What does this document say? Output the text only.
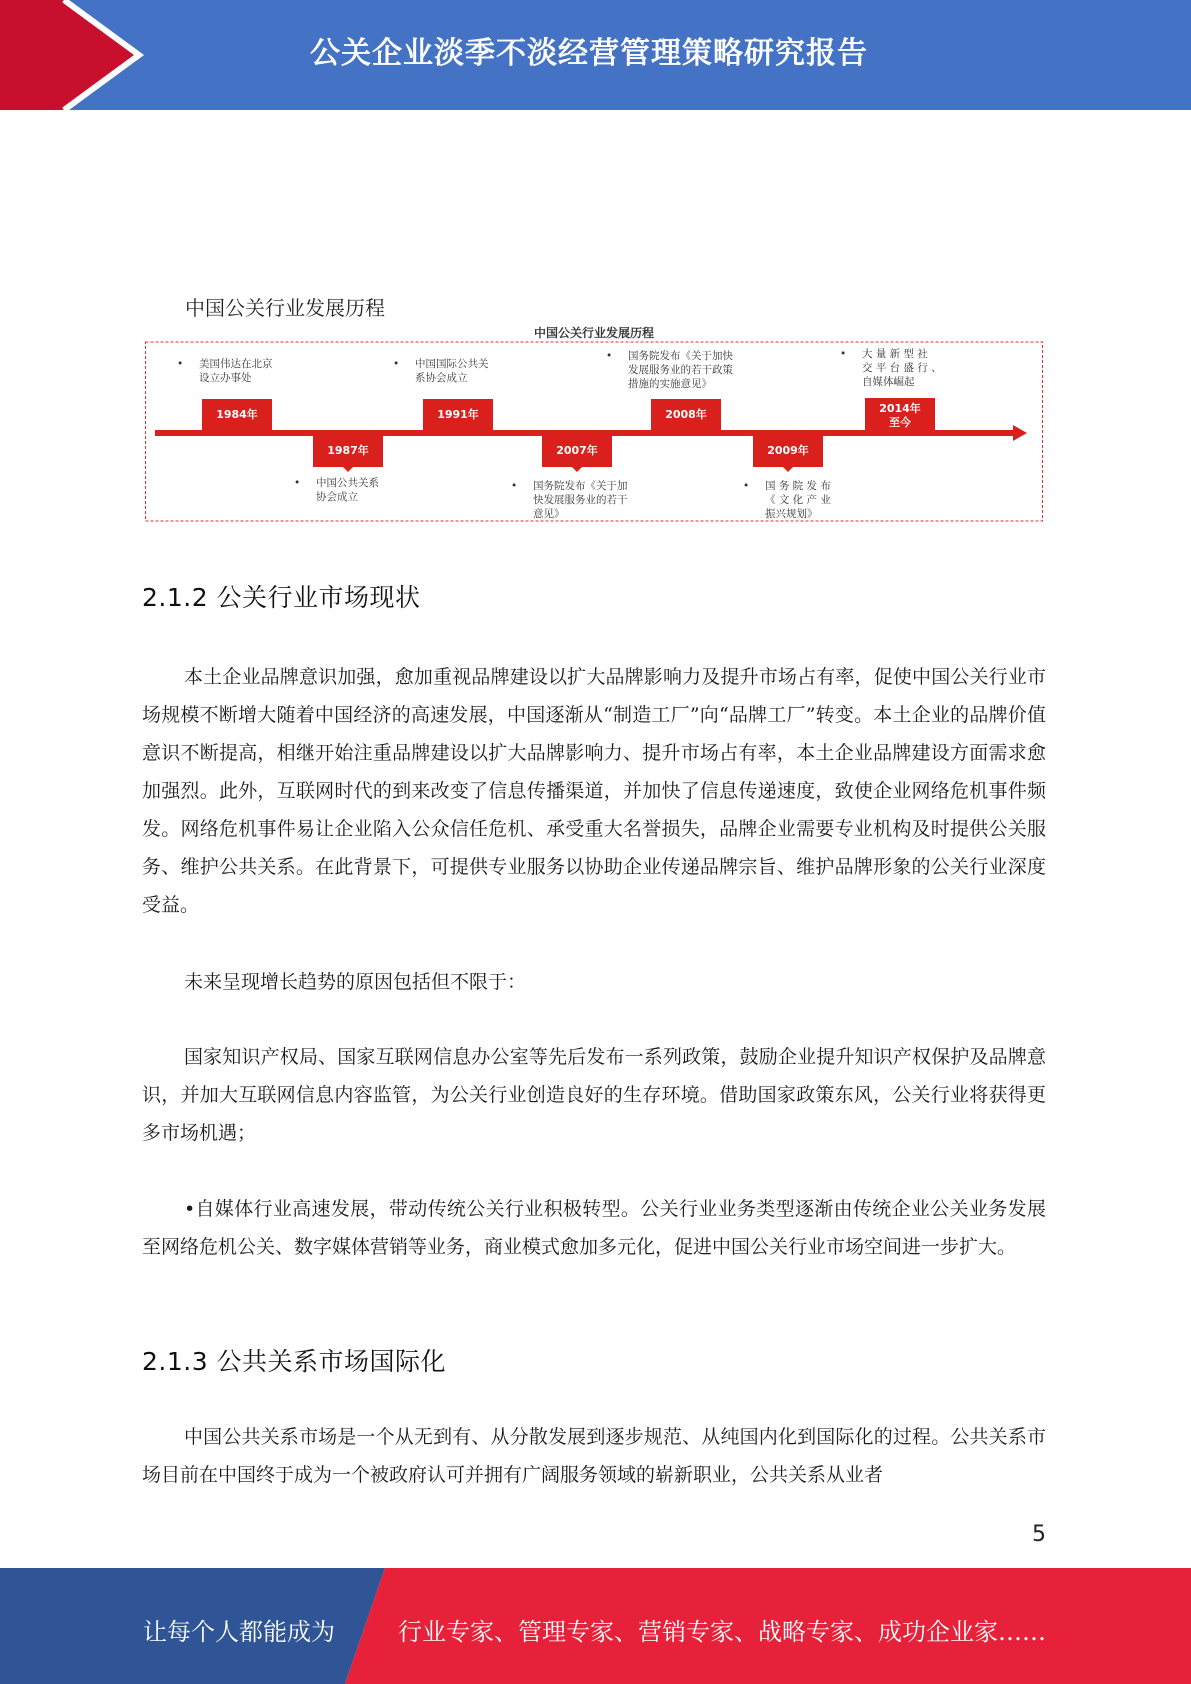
公关企业淡季不淡经营管理策略研究报告
中国公关行业发展历程
中国公关行业发展历程
• 美国伟达在北京
设立办事处
1984年
1987年
• 中国公共关系
协会成立
• 中国国际公共关
系协会成立
1991年
2007年
• 国务院发布《关于加
快发展服务业的若干
意见》
• 国务院发布《关于加快
发展服务业的若干政策
措施的实施意见》
2008年
2009年
• 国 务 院 发 布
《 文 化 产 业
振兴规划》
• 大 量 新 型 社
交 平 台 盛 行 、
自媒体崛起
2014年
至今
2.1.2 公关行业市场现状

本土企业品牌意识加强，愈加重视品牌建设以扩大品牌影响力及提升市场占有率，促使中国公关行业市场规模不断增大随着中国经济的高速发展，中国逐渐从“制造工厂”向“品牌工厂”转变。本土企业的品牌价值意识不断提高，相继开始注重品牌建设以扩大品牌影响力、提升市场占有率，本土企业品牌建设方面需求愈加强烈。此外，互联网时代的到来改变了信息传播渠道，并加快了信息传递速度，致使企业网络危机事件频发。网络危机事件易让企业陷入公众信任危机、承受重大名誉损失，品牌企业需要专业机构及时提供公关服务、维护公共关系。在此背景下，可提供专业服务以协助企业传递品牌宗旨、维护品牌形象的公关行业深度受益。

未来呈现增长趋势的原因包括但不限于：

国家知识产权局、国家互联网信息办公室等先后发布一系列政策，鼓励企业提升知识产权保护及品牌意识，并加大互联网信息内容监管，为公关行业创造良好的生存环境。借助国家政策东风，公关行业将获得更多市场机遇；

•自媒体行业高速发展，带动传统公关行业积极转型。公关行业业务类型逐渐由传统企业公关业务发展至网络危机公关、数字媒体营销等业务，商业模式愈加多元化，促进中国公关行业市场空间进一步扩大。

2.1.3 公共关系市场国际化

中国公共关系市场是一个从无到有、从分散发展到逐步规范、从纯国内化到国际化的过程。公共关系市场目前在中国终于成为一个被政府认可并拥有广阔服务领域的崭新职业，公共关系从业者

5
让每个人都能成为	行业专家、管理专家、营销专家、战略专家、成功企业家……
